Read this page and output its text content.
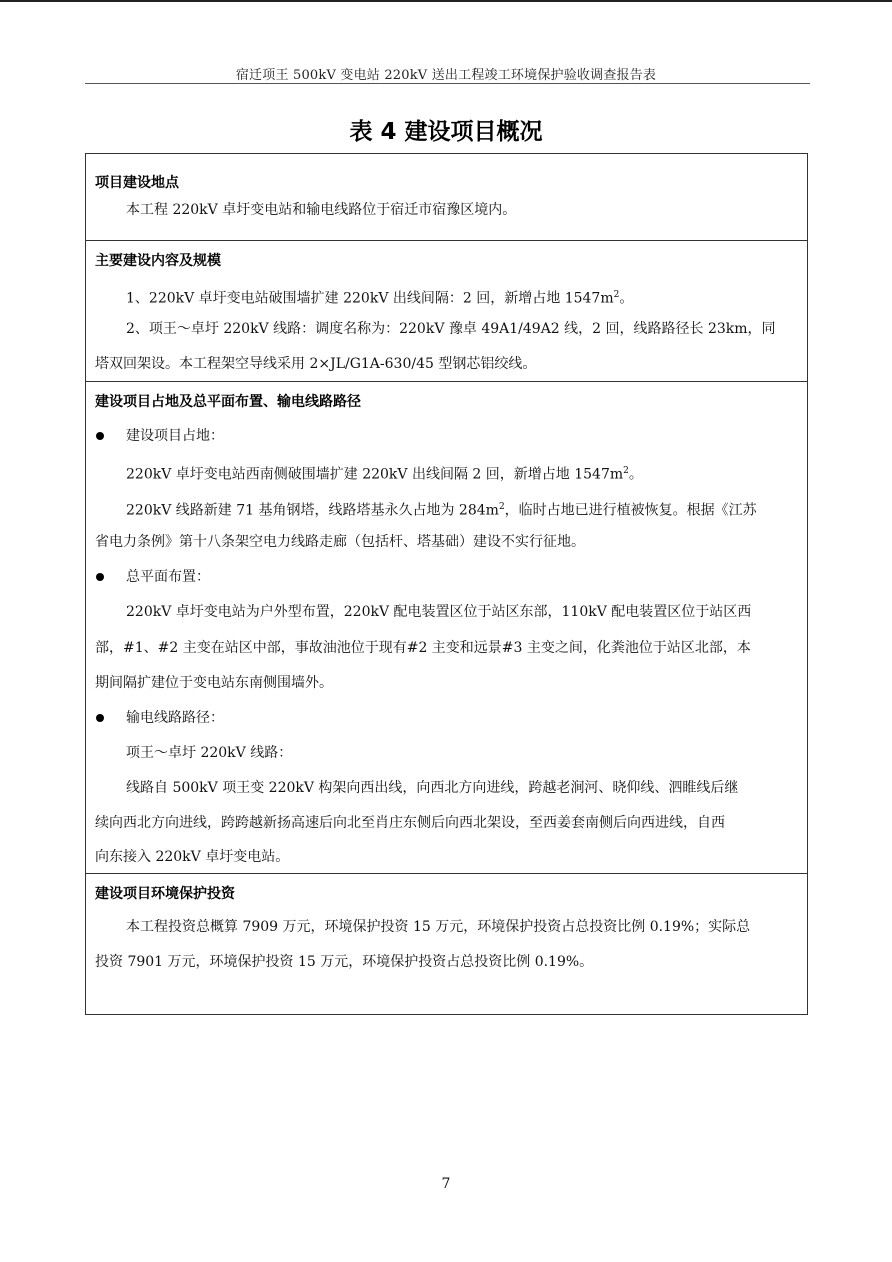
宿迁项王 500kV 变电站 220kV 送出工程竣工环境保护验收调查报告表
表 4 建设项目概况
项目建设地点
本工程 220kV 卓圩变电站和输电线路位于宿迁市宿豫区境内。
主要建设内容及规模
1、220kV 卓圩变电站破围墙扩建 220kV 出线间隔：2 回，新增占地 $1547m^2$。
2、项王～卓圩 220kV 线路：调度名称为：220kV 豫卓 49A1/49A2 线，2 回，线路路径长 23km，同
塔双回架设。本工程架空导线采用 2×JL/G1A-630/45 型钢芯铝绞线。
建设项目占地及总平面布置、输电线路路径
建设项目占地：
220kV 卓圩变电站西南侧破围墙扩建 220kV 出线间隔 2 回，新增占地 $1547m^2$。
220kV 线路新建 71 基角钢塔，线路塔基永久占地为 $284m^2$，临时占地已进行植被恢复。根据《江苏
省电力条例》第十八条架空电力线路走廊（包括杆、塔基础）建设不实行征地。
总平面布置：
220kV 卓圩变电站为户外型布置，220kV 配电装置区位于站区东部，110kV 配电装置区位于站区西
部，#1、#2 主变在站区中部，事故油池位于现有#2 主变和远景#3 主变之间，化粪池位于站区北部，本
期间隔扩建位于变电站东南侧围墙外。
输电线路路径：
项王～卓圩 220kV 线路：
线路自 500kV 项王变 220kV 构架向西出线，向西北方向进线，跨越老涧河、晓仰线、泗睢线后继
续向西北方向进线，跨跨越新扬高速后向北至肖庄东侧后向西北架设，至西姜套南侧后向西进线，自西
向东接入 220kV 卓圩变电站。
建设项目环境保护投资
本工程投资总概算 7909 万元，环境保护投资 15 万元，环境保护投资占总投资比例 0.19%；实际总
投资 7901 万元，环境保护投资 15 万元，环境保护投资占总投资比例 0.19%。
7
